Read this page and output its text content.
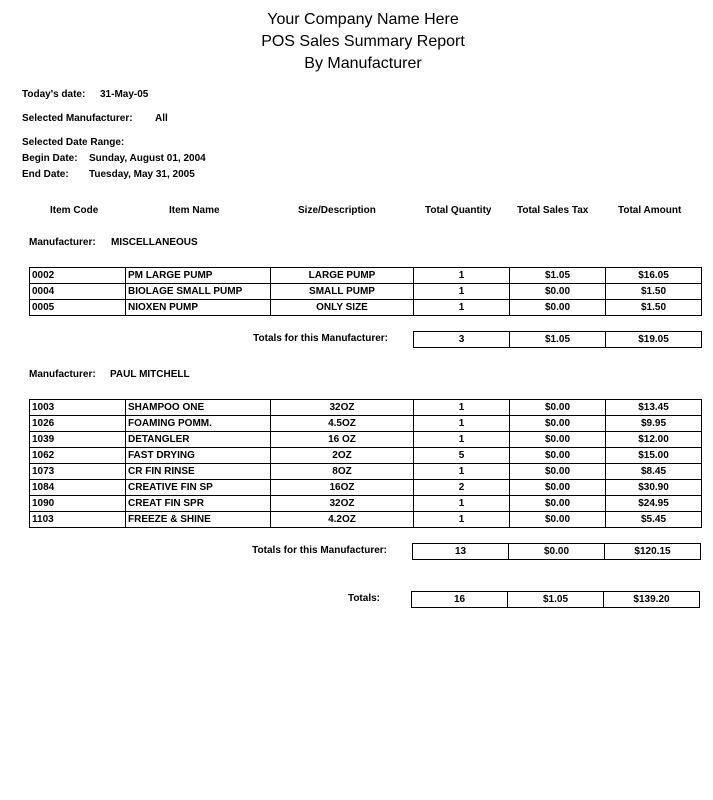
Your Company Name Here
POS Sales Summary Report
By Manufacturer
Today's date: 31-May-05
Selected Manufacturer: All
Selected Date Range:
Begin Date: Sunday, August 01, 2004
End Date: Tuesday, May 31, 2005
Item Code	Item Name	Size/Description	Total Quantity	Total Sales Tax	Total Amount
Manufacturer: MISCELLANEOUS
0002	PM LARGE PUMP	LARGE PUMP	1	$1.05	$16.05
0004	BIOLAGE SMALL PUMP	SMALL PUMP	1	$0.00	$1.50
0005	NIOXEN PUMP	ONLY SIZE	1	$0.00	$1.50
Totals for this Manufacturer:	3	$1.05	$19.05
Manufacturer: PAUL MITCHELL
1003	SHAMPOO ONE	32OZ	1	$0.00	$13.45
1026	FOAMING POMM.	4.5OZ	1	$0.00	$9.95
1039	DETANGLER	16 OZ	1	$0.00	$12.00
1062	FAST DRYING	2OZ	5	$0.00	$15.00
1073	CR FIN RINSE	8OZ	1	$0.00	$8.45
1084	CREATIVE FIN SP	16OZ	2	$0.00	$30.90
1090	CREAT FIN SPR	32OZ	1	$0.00	$24.95
1103	FREEZE & SHINE	4.2OZ	1	$0.00	$5.45
Totals for this Manufacturer:	13	$0.00	$120.15
Totals:	16	$1.05	$139.20
